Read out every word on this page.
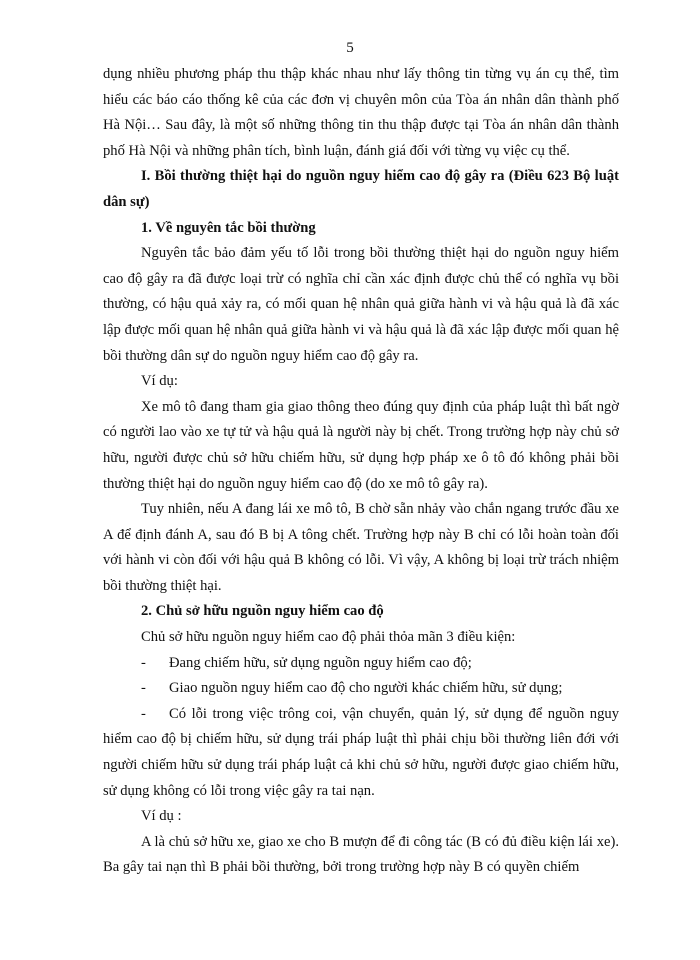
5

dụng nhiều phương pháp thu thập khác nhau như lấy thông tin từng vụ án cụ thể, tìm hiểu các báo cáo thống kê của các đơn vị chuyên môn của Tòa án nhân dân thành phố Hà Nội… Sau đây, là một số những thông tin thu thập được tại Tòa án nhân dân thành phố Hà Nội và những phân tích, bình luận, đánh giá đối với từng vụ việc cụ thể.

I. Bồi thường thiệt hại do nguồn nguy hiểm cao độ gây ra (Điều 623 Bộ luật dân sự)

1. Về nguyên tắc bồi thường

Nguyên tắc bảo đảm yếu tố lỗi trong bồi thường thiệt hại do nguồn nguy hiểm cao độ gây ra đã được loại trừ có nghĩa chỉ cần xác định được chủ thể có nghĩa vụ bồi thường, có hậu quả xảy ra, có mối quan hệ nhân quả giữa hành vi và hậu quả là đã xác lập được mối quan hệ nhân quả giữa hành vi và hậu quả là đã xác lập được mối quan hệ bồi thường dân sự do nguồn nguy hiểm cao độ gây ra.

Ví dụ:

Xe mô tô đang tham gia giao thông theo đúng quy định của pháp luật thì bất ngờ có người lao vào xe tự tử và hậu quả là người này bị chết. Trong trường hợp này chủ sở hữu, người được chủ sở hữu chiếm hữu, sử dụng hợp pháp xe ô tô đó không phải bồi thường thiệt hại do nguồn nguy hiểm cao độ (do xe mô tô gây ra).

Tuy nhiên, nếu A đang lái xe mô tô, B chờ sẵn nhảy vào chắn ngang trước đầu xe A để định đánh A, sau đó B bị A tông chết. Trường hợp này B chỉ có lỗi hoàn toàn đối với hành vi còn đối với hậu quả B không có lỗi. Vì vậy, A không bị loại trừ trách nhiệm bồi thường thiệt hại.

2. Chủ sở hữu nguồn nguy hiểm cao độ

Chủ sở hữu nguồn nguy hiểm cao độ phải thỏa mãn 3 điều kiện:

-	Đang chiếm hữu, sử dụng nguồn nguy hiểm cao độ;
-	Giao nguồn nguy hiểm cao độ cho người khác chiếm hữu, sử dụng;

- Có lỗi trong việc trông coi, vận chuyển, quản lý, sử dụng để nguồn nguy hiểm cao độ bị chiếm hữu, sử dụng trái pháp luật thì phải chịu bồi thường liên đới với người chiếm hữu sử dụng trái pháp luật cả khi chủ sở hữu, người được giao chiếm hữu, sử dụng không có lỗi trong việc gây ra tai nạn.

Ví dụ :

A là chủ sở hữu xe, giao xe cho B mượn để đi công tác (B có đủ điều kiện lái xe). Ba gây tai nạn thì B phải bồi thường, bởi trong trường hợp này B có quyền chiếm
